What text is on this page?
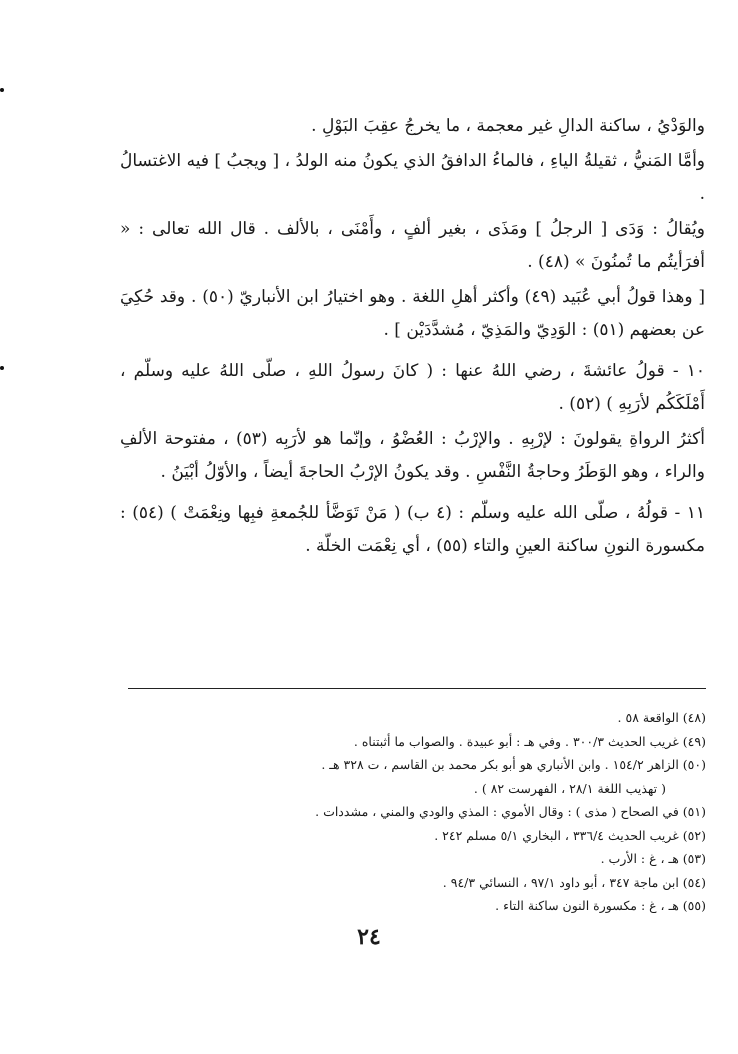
والوَدْيُ ، ساكنة الدالِ غير معجمة ، ما يخرجُ عقِبَ البَوْلِ .

وأمَّا المَنيُّ ، ثقيلةُ الياءِ ، فالماءُ الدافقُ الذي يكونُ منه الولدُ ، [ ويجبُ ] فيه الاغتسالُ .

ويُقالُ : وَدَى [ الرجلُ ] ومَذَى ، بغير ألفٍ ، وأَمْنَى ، بالألف . قال الله تعالى : « أفرَأيتُم ما تُمنُونَ » (٤٨) .

[ وهذا قولُ أبي عُبَيد (٤٩) وأكثر أهلِ اللغة . وهو اختيارُ ابن الأنباريّ (٥٠) . وقد حُكِيَ عن بعضهم (٥١) : الوَدِيّ والمَذِيّ ، مُشدَّدَيْن ] .

١٠ - قولُ عائشةَ ، رضي اللهُ عنها : ( كانَ رسولُ اللهِ ، صلّى اللهُ عليه وسلّم ، أَمْلَكَكُم لأرَبِهِ ) (٥٢) .

أكثرُ الرواةِ يقولونَ : لإرْبِهِ . والإرْبُ : العُضْوُ ، وإنّما هو لأرَبِه (٥٣) ، مفتوحة الألفِ والراء ، وهو الوَطَرُ وحاجةُ النَّفْسِ . وقد يكونُ الإرْبُ الحاجةَ أيضاً ، والأوّلُ أبْيَنُ .

١١ - قولُهُ ، صلّى الله عليه وسلّم : (٤ ب) ( مَنْ تَوَضَّأ للجُمعةِ فبِها ونِعْمَتْ ) (٥٤) : مكسورة النونِ ساكنة العينِ والتاء (٥٥) ، أي نِعْمَت الخلّة .

(٤٨) الواقعة ٥٨ .

(٤٩) غريب الحديث ٣٠٠/٣ . وفي هـ : أبو عبيدة . والصواب ما أثبتناه .

(٥٠) الزاهر ١٥٤/٢ . وابن الأنباري هو أبو بكر محمد بن القاسم ، ت ٣٢٨ هـ .

( تهذيب اللغة ٢٨/١ ، الفهرست ٨٢ ) .

(٥١) في الصحاح ( مذى ) : وقال الأموي : المذي والودي والمني ، مشددات .

(٥٢) غريب الحديث ٣٣٦/٤ ، البخاري ٥/١ مسلم ٢٤٢ .

(٥٣) هـ ، غ : الأرب .

(٥٤) ابن ماجة ٣٤٧ ، أبو داود ٩٧/١ ، النسائي ٩٤/٣ .

(٥٥) هـ ، غ : مكسورة النون ساكنة التاء .

٢٤
